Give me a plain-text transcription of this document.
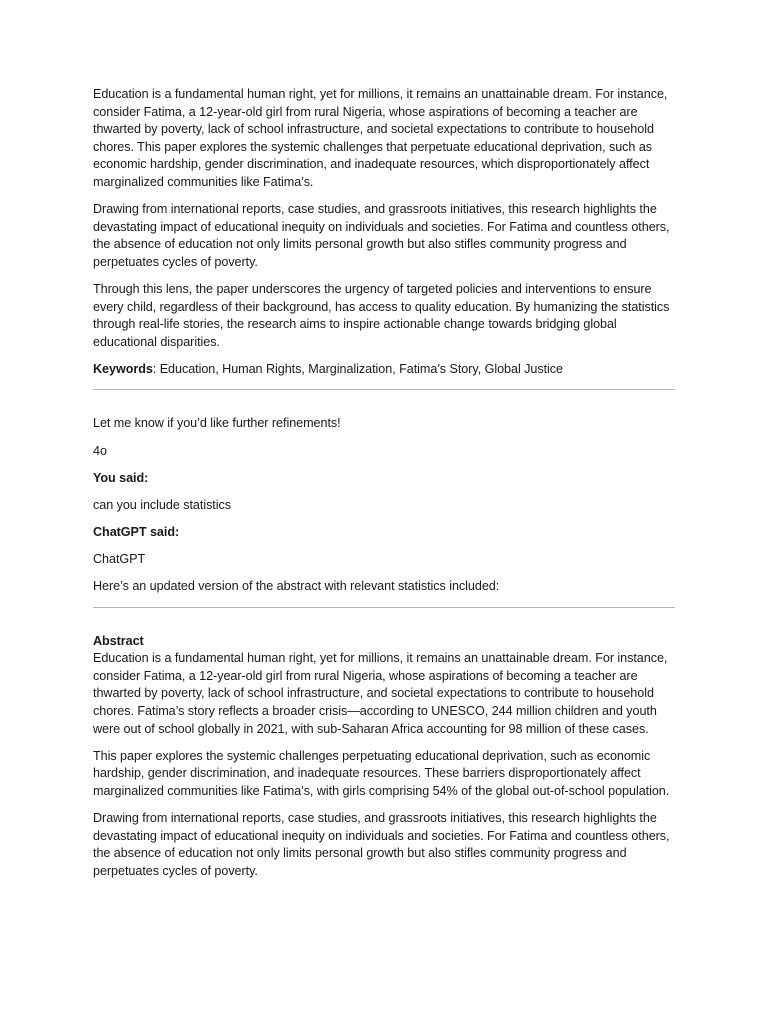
Education is a fundamental human right, yet for millions, it remains an unattainable dream. For instance, consider Fatima, a 12-year-old girl from rural Nigeria, whose aspirations of becoming a teacher are thwarted by poverty, lack of school infrastructure, and societal expectations to contribute to household chores. This paper explores the systemic challenges that perpetuate educational deprivation, such as economic hardship, gender discrimination, and inadequate resources, which disproportionately affect marginalized communities like Fatima’s.

Drawing from international reports, case studies, and grassroots initiatives, this research highlights the devastating impact of educational inequity on individuals and societies. For Fatima and countless others, the absence of education not only limits personal growth but also stifles community progress and perpetuates cycles of poverty.

Through this lens, the paper underscores the urgency of targeted policies and interventions to ensure every child, regardless of their background, has access to quality education. By humanizing the statistics through real-life stories, the research aims to inspire actionable change towards bridging global educational disparities.

Keywords: Education, Human Rights, Marginalization, Fatima’s Story, Global Justice

Let me know if you’d like further refinements!

4o

You said:

can you include statistics

ChatGPT said:

ChatGPT

Here’s an updated version of the abstract with relevant statistics included:

Abstract
Education is a fundamental human right, yet for millions, it remains an unattainable dream. For instance, consider Fatima, a 12-year-old girl from rural Nigeria, whose aspirations of becoming a teacher are thwarted by poverty, lack of school infrastructure, and societal expectations to contribute to household chores. Fatima’s story reflects a broader crisis—according to UNESCO, 244 million children and youth were out of school globally in 2021, with sub-Saharan Africa accounting for 98 million of these cases.

This paper explores the systemic challenges perpetuating educational deprivation, such as economic hardship, gender discrimination, and inadequate resources. These barriers disproportionately affect marginalized communities like Fatima’s, with girls comprising 54% of the global out-of-school population.

Drawing from international reports, case studies, and grassroots initiatives, this research highlights the devastating impact of educational inequity on individuals and societies. For Fatima and countless others, the absence of education not only limits personal growth but also stifles community progress and perpetuates cycles of poverty.
